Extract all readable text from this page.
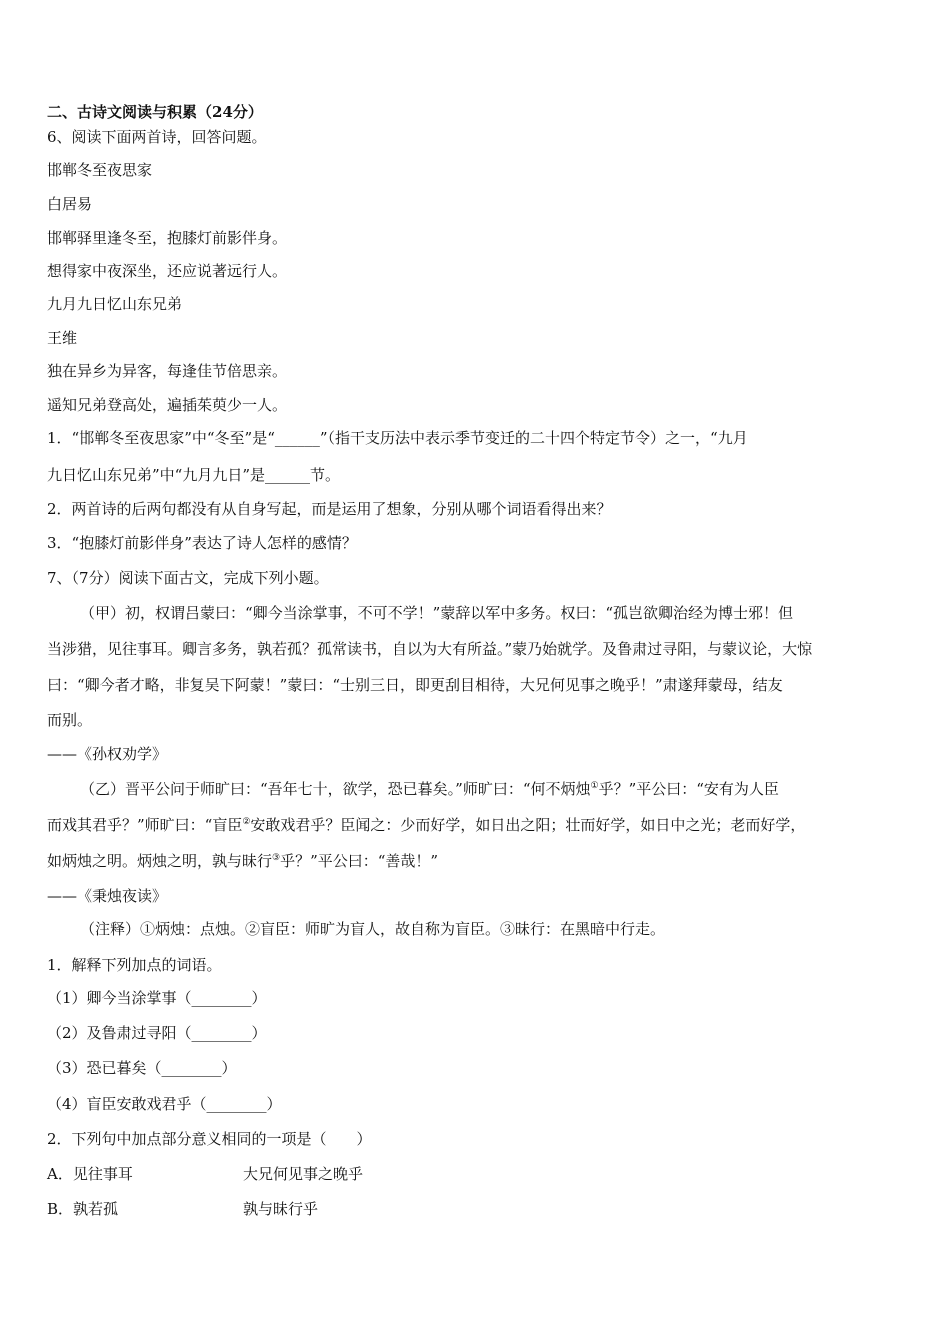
二、古诗文阅读与积累（24分）
6、阅读下面两首诗，回答问题。
邯郸冬至夜思家
白居易
邯郸驿里逢冬至，抱膝灯前影伴身。
想得家中夜深坐，还应说著远行人。
九月九日忆山东兄弟
王维
独在异乡为异客，每逢佳节倍思亲。
遥知兄弟登高处，遍插茱萸少一人。
1．“邯郸冬至夜思家”中“冬至”是“______”（指干支历法中表示季节变迁的二十四个特定节令）之一，“九月
九日忆山东兄弟”中“九月九日”是______节。
2．两首诗的后两句都没有从自身写起，而是运用了想象，分别从哪个词语看得出来？
3．“抱膝灯前影伴身”表达了诗人怎样的感情？
7、（7分）阅读下面古文，完成下列小题。
（甲）初，权谓吕蒙曰：“卿今当涂掌事，不可不学！”蒙辞以军中多务。权曰：“孤岂欲卿治经为博士邪！但
当涉猎，见往事耳。卿言多务，孰若孤？孤常读书，自以为大有所益。”蒙乃始就学。及鲁肃过寻阳，与蒙议论，大惊
曰：“卿今者才略，非复吴下阿蒙！”蒙曰：“士别三日，即更刮目相待，大兄何见事之晚乎！”肃遂拜蒙母，结友
而别。
——《孙权劝学》
（乙）晋平公问于师旷曰：“吾年七十，欲学，恐已暮矣。”师旷曰：“何不炳烛①乎？”平公曰：“安有为人臣
而戏其君乎？”师旷曰：“盲臣②安敢戏君乎？臣闻之：少而好学，如日出之阳；壮而好学，如日中之光；老而好学，
如炳烛之明。炳烛之明，孰与昧行③乎？”平公曰：“善哉！”
——《秉烛夜读》
（注释）①炳烛：点烛。②盲臣：师旷为盲人，故自称为盲臣。③昧行：在黑暗中行走。
1．解释下列加点的词语。
（1）卿今当涂掌事（________）
（2）及鲁肃过寻阳（________）
（3）恐已暮矣（________）
（4）盲臣安敢戏君乎（________）
2．下列句中加点部分意义相同的一项是（　　）
A．见往事耳	大兄何见事之晚乎
B．孰若孤	孰与昧行乎
